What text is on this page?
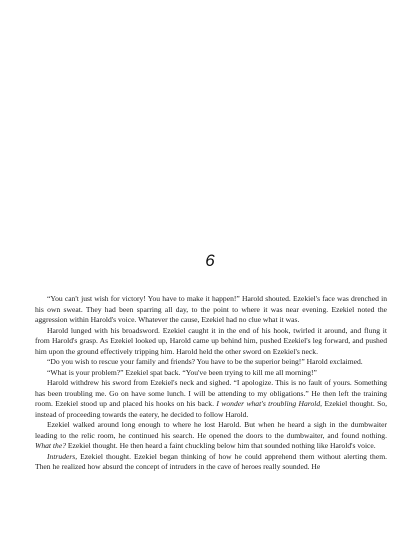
6

“You can't just wish for victory! You have to make it happen!” Harold shouted. Ezekiel's face was drenched in his own sweat. They had been sparring all day, to the point to where it was near evening. Ezekiel noted the aggression within Harold's voice. Whatever the cause, Ezekiel had no clue what it was.

Harold lunged with his broadsword. Ezekiel caught it in the end of his hook, twirled it around, and flung it from Harold's grasp. As Ezekiel looked up, Harold came up behind him, pushed Ezekiel's leg forward, and pushed him upon the ground effectively tripping him. Harold held the other sword on Ezekiel's neck.

“Do you wish to rescue your family and friends? You have to be the superior being!” Harold exclaimed.

“What is your problem?” Ezekiel spat back. “You've been trying to kill me all morning!”

Harold withdrew his sword from Ezekiel's neck and sighed. “I apologize. This is no fault of yours. Something has been troubling me. Go on have some lunch. I will be attending to my obligations.” He then left the training room. Ezekiel stood up and placed his hooks on his back. I wonder what's troubling Harold, Ezekiel thought. So, instead of proceeding towards the eatery, he decided to follow Harold.

Ezekiel walked around long enough to where he lost Harold. But when he heard a sigh in the dumbwaiter leading to the relic room, he continued his search. He opened the doors to the dumbwaiter, and found nothing. What the? Ezekiel thought. He then heard a faint chuckling below him that sounded nothing like Harold's voice.

Intruders, Ezekiel thought. Ezekiel began thinking of how he could apprehend them without alerting them. Then he realized how absurd the concept of intruders in the cave of heroes really sounded. He
